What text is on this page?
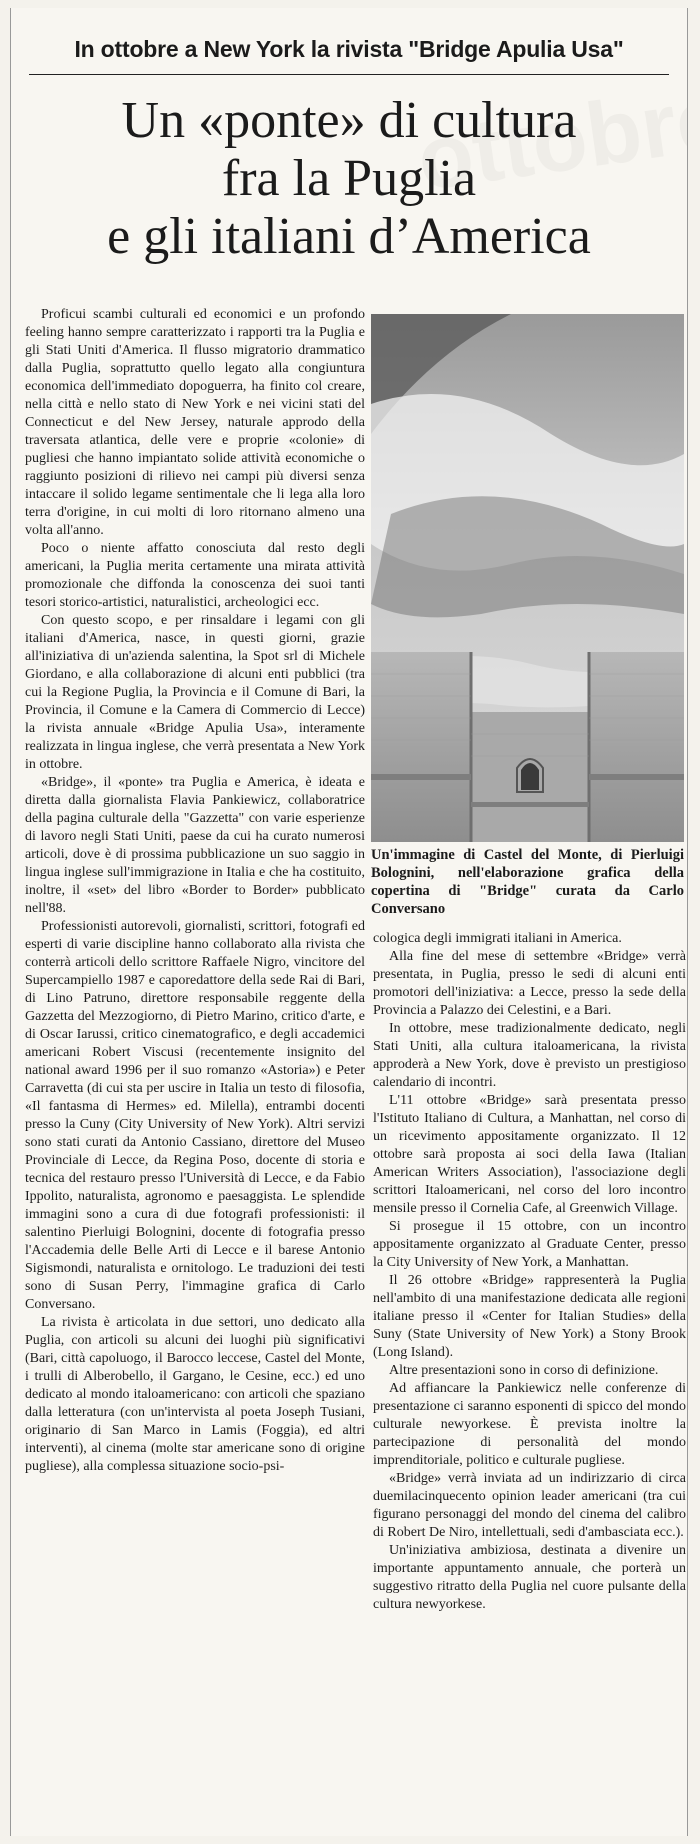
In ottobre a New York la rivista "Bridge Apulia Usa"
Un «ponte» di cultura
fra la Puglia
e gli italiani d’America

Proficui scambi culturali ed economici e un profondo feeling hanno sempre caratterizzato i rapporti tra la Puglia e gli Stati Uniti d'America. Il flusso migratorio drammatico dalla Puglia, soprattutto quello legato alla congiuntura economica dell'immediato dopoguerra, ha finito col creare, nella città e nello stato di New York e nei vicini stati del Connecticut e del New Jersey, naturale approdo della traversata atlantica, delle vere e proprie «colonie» di pugliesi che hanno impiantato solide attività economiche o raggiunto posizioni di rilievo nei campi più diversi senza intaccare il solido legame sentimentale che li lega alla loro terra d'origine, in cui molti di loro ritornano almeno una volta all'anno.

Poco o niente affatto conosciuta dal resto degli americani, la Puglia merita certamente una mirata attività promozionale che diffonda la conoscenza dei suoi tanti tesori storico-artistici, naturalistici, archeologici ecc.

Con questo scopo, e per rinsaldare i legami con gli italiani d'America, nasce, in questi giorni, grazie all'iniziativa di un'azienda salentina, la Spot srl di Michele Giordano, e alla collaborazione di alcuni enti pubblici (tra cui la Regione Puglia, la Provincia e il Comune di Bari, la Provincia, il Comune e la Camera di Commercio di Lecce) la rivista annuale «Bridge Apulia Usa», interamente realizzata in lingua inglese, che verrà presentata a New York in ottobre.

«Bridge», il «ponte» tra Puglia e America, è ideata e diretta dalla giornalista Flavia Pankiewicz, collaboratrice della pagina culturale della "Gazzetta" con varie esperienze di lavoro negli Stati Uniti, paese da cui ha curato numerosi articoli, dove è di prossima pubblicazione un suo saggio in lingua inglese sull'immigrazione in Italia e che ha costituito, inoltre, il «set» del libro «Border to Border» pubblicato nell'88.

Professionisti autorevoli, giornalisti, scrittori, fotografi ed esperti di varie discipline hanno collaborato alla rivista che conterrà articoli dello scrittore Raffaele Nigro, vincitore del Supercampiello 1987 e caporedattore della sede Rai di Bari, di Lino Patruno, direttore responsabile reggente della Gazzetta del Mezzogiorno, di Pietro Marino, critico d'arte, e di Oscar Iarussi, critico cinematografico, e degli accademici americani Robert Viscusi (recentemente insignito del national award 1996 per il suo romanzo «Astoria») e Peter Carravetta (di cui sta per uscire in Italia un testo di filosofia, «Il fantasma di Hermes» ed. Milella), entrambi docenti presso la Cuny (City University of New York). Altri servizi sono stati curati da Antonio Cassiano, direttore del Museo Provinciale di Lecce, da Regina Poso, docente di storia e tecnica del restauro presso l'Università di Lecce, e da Fabio Ippolito, naturalista, agronomo e paesaggista. Le splendide immagini sono a cura di due fotografi professionisti: il salentino Pierluigi Bolognini, docente di fotografia presso l'Accademia delle Belle Arti di Lecce e il barese Antonio Sigismondi, naturalista e ornitologo. Le traduzioni dei testi sono di Susan Perry, l'immagine grafica di Carlo Conversano.

La rivista è articolata in due settori, uno dedicato alla Puglia, con articoli su alcuni dei luoghi più significativi (Bari, città capoluogo, il Barocco leccese, Castel del Monte, i trulli di Alberobello, il Gargano, le Cesine, ecc.) ed uno dedicato al mondo italoamericano: con articoli che spaziano dalla letteratura (con un'intervista al poeta Joseph Tusiani, originario di San Marco in Lamis (Foggia), ed altri interventi), al cinema (molte star americane sono di origine pugliese), alla complessa situazione socio-psi-

Un'immagine di Castel del Monte, di Pierluigi Bolognini, nell'elaborazione grafica della copertina di "Bridge" curata da Carlo Conversano

cologica degli immigrati italiani in America.

Alla fine del mese di settembre «Bridge» verrà presentata, in Puglia, presso le sedi di alcuni enti promotori dell'iniziativa: a Lecce, presso la sede della Provincia a Palazzo dei Celestini, e a Bari.

In ottobre, mese tradizionalmente dedicato, negli Stati Uniti, alla cultura italoamericana, la rivista approderà a New York, dove è previsto un prestigioso calendario di incontri.

L'11 ottobre «Bridge» sarà presentata presso l'Istituto Italiano di Cultura, a Manhattan, nel corso di un ricevimento appositamente organizzato. Il 12 ottobre sarà proposta ai soci della Iawa (Italian American Writers Association), l'associazione degli scrittori Italoamericani, nel corso del loro incontro mensile presso il Cornelia Cafe, al Greenwich Village.

Si prosegue il 15 ottobre, con un incontro appositamente organizzato al Graduate Center, presso la City University of New York, a Manhattan.

Il 26 ottobre «Bridge» rappresenterà la Puglia nell'ambito di una manifestazione dedicata alle regioni italiane presso il «Center for Italian Studies» della Suny (State University of New York) a Stony Brook (Long Island).

Altre presentazioni sono in corso di definizione.

Ad affiancare la Pankiewicz nelle conferenze di presentazione ci saranno esponenti di spicco del mondo culturale newyorkese. È prevista inoltre la partecipazione di personalità del mondo imprenditoriale, politico e culturale pugliese.

«Bridge» verrà inviata ad un indirizzario di circa duemilacinquecento opinion leader americani (tra cui figurano personaggi del mondo del cinema del calibro di Robert De Niro, intellettuali, sedi d'ambasciata ecc.).

Un'iniziativa ambiziosa, destinata a divenire un importante appuntamento annuale, che porterà un suggestivo ritratto della Puglia nel cuore pulsante della cultura newyorkese.
